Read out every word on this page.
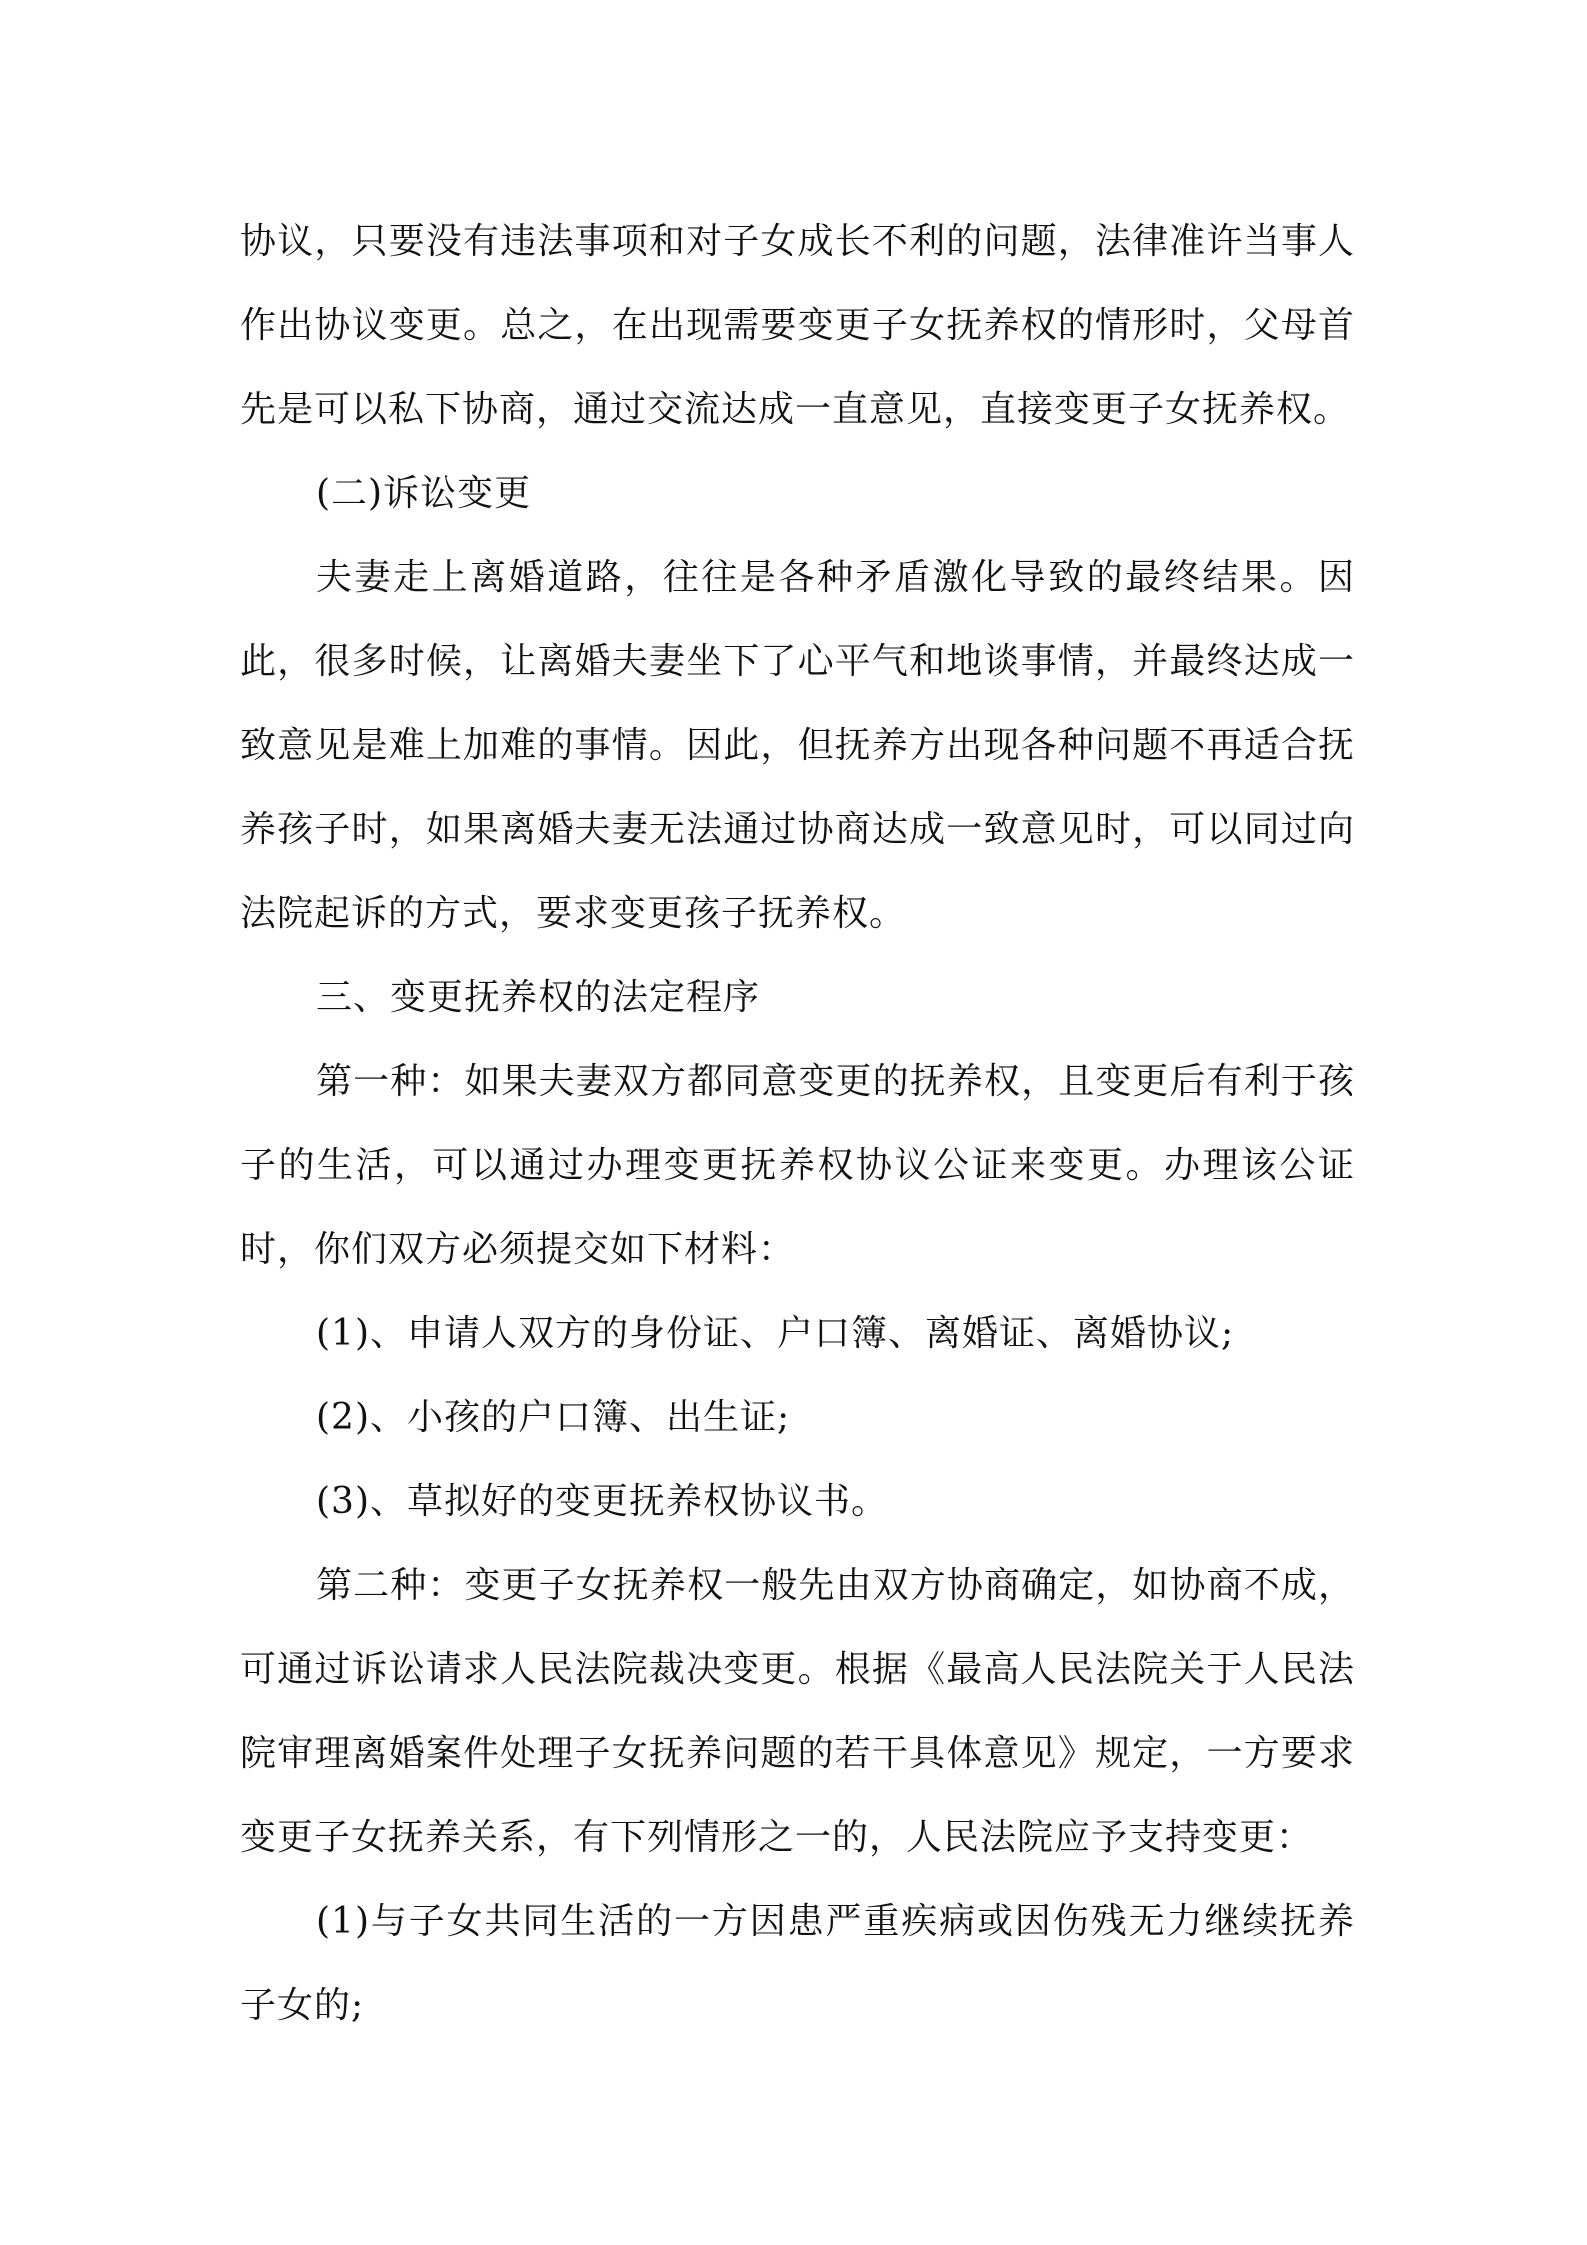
协议，只要没有违法事项和对子女成长不利的问题，法律准许当事人作出协议变更。总之，在出现需要变更子女抚养权的情形时，父母首先是可以私下协商，通过交流达成一直意见，直接变更子女抚养权。

(二)诉讼变更

夫妻走上离婚道路，往往是各种矛盾激化导致的最终结果。因此，很多时候，让离婚夫妻坐下了心平气和地谈事情，并最终达成一致意见是难上加难的事情。因此，但抚养方出现各种问题不再适合抚养孩子时，如果离婚夫妻无法通过协商达成一致意见时，可以同过向法院起诉的方式，要求变更孩子抚养权。

三、变更抚养权的法定程序

第一种：如果夫妻双方都同意变更的抚养权，且变更后有利于孩子的生活，可以通过办理变更抚养权协议公证来变更。办理该公证时，你们双方必须提交如下材料：

(1)、申请人双方的身份证、户口簿、离婚证、离婚协议;

(2)、小孩的户口簿、出生证;

(3)、草拟好的变更抚养权协议书。

第二种：变更子女抚养权一般先由双方协商确定，如协商不成，可通过诉讼请求人民法院裁决变更。根据《最高人民法院关于人民法院审理离婚案件处理子女抚养问题的若干具体意见》规定，一方要求变更子女抚养关系，有下列情形之一的，人民法院应予支持变更：

(1)与子女共同生活的一方因患严重疾病或因伤残无力继续抚养子女的;
